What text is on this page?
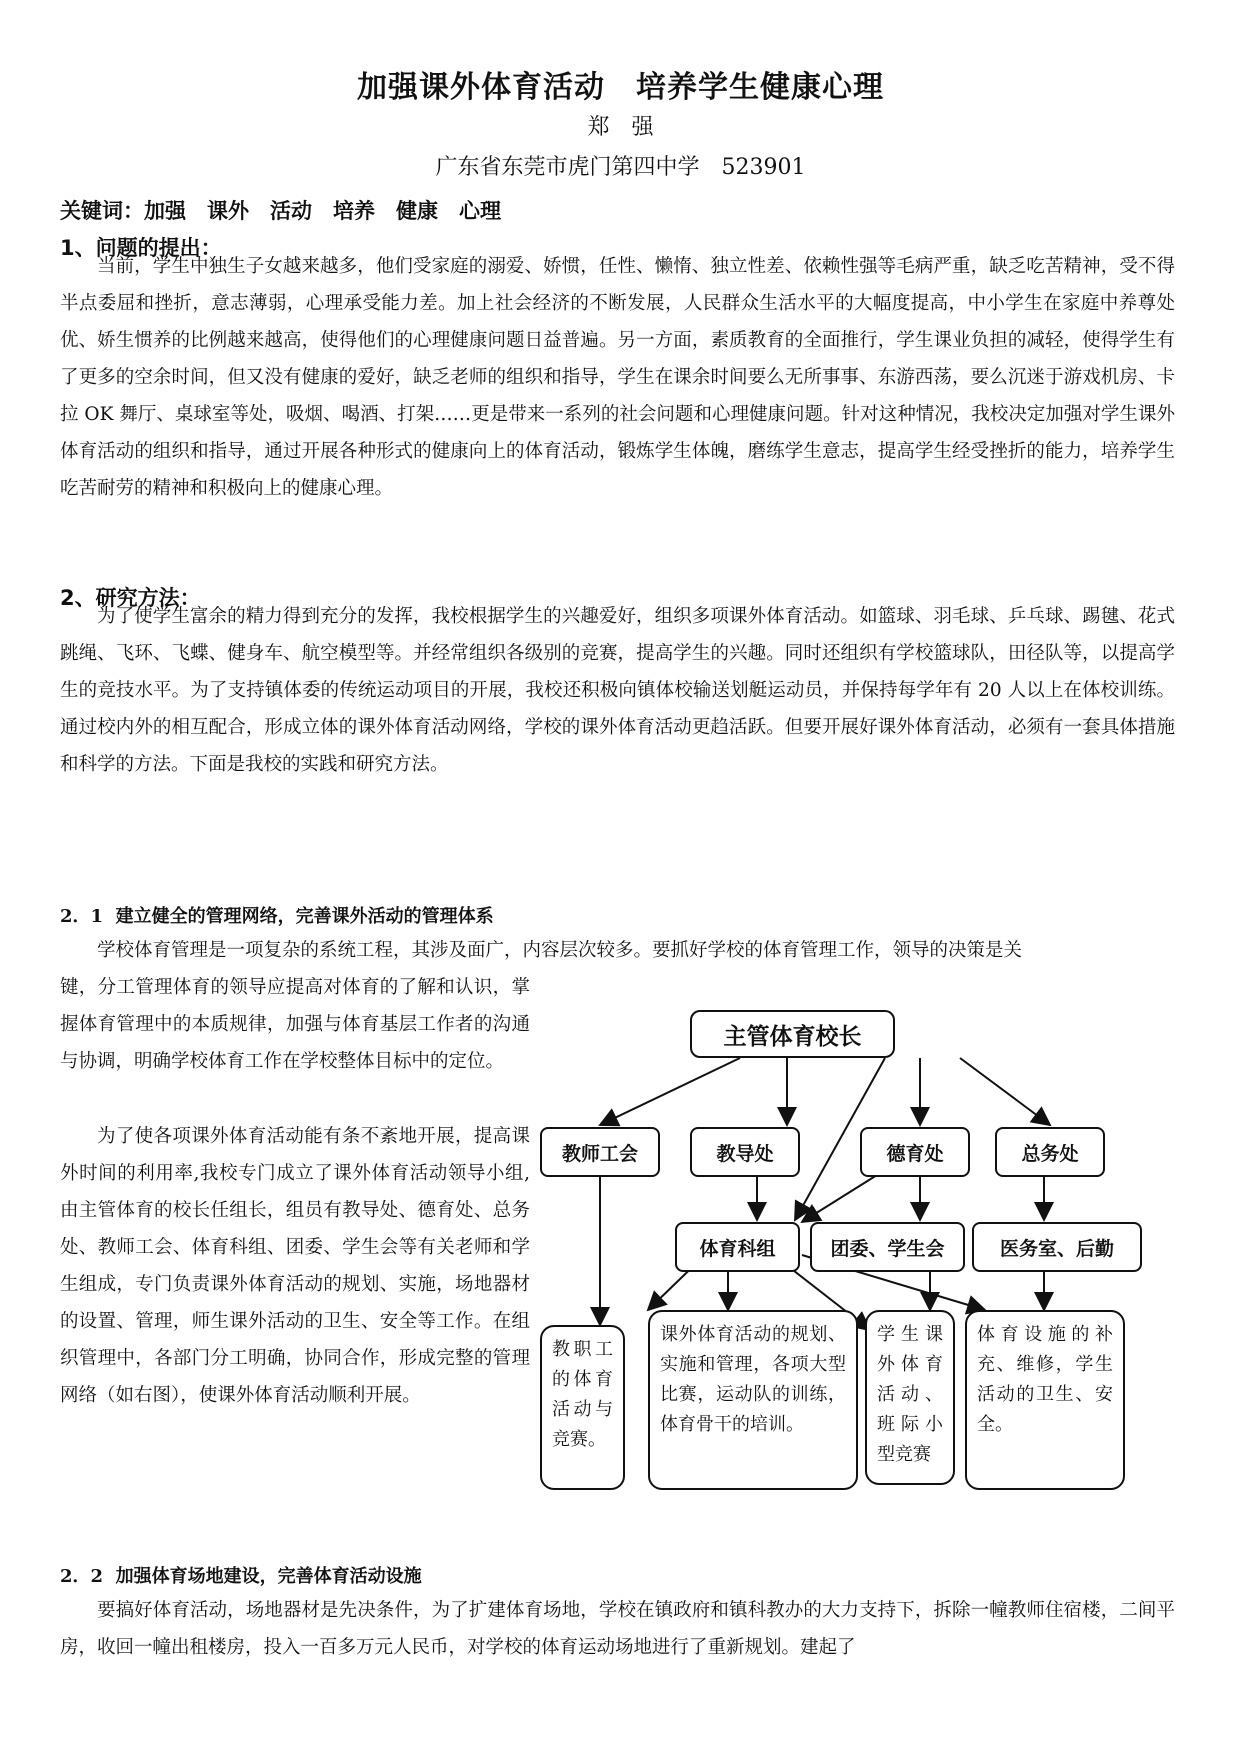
加强课外体育活动　培养学生健康心理
郑　强
广东省东莞市虎门第四中学　523901
关键词：加强　课外　活动　培养　健康　心理
1、问题的提出：

当前，学生中独生子女越来越多，他们受家庭的溺爱、娇惯，任性、懒惰、独立性差、依赖性强等毛病严重，缺乏吃苦精神，受不得半点委屈和挫折，意志薄弱，心理承受能力差。加上社会经济的不断发展，人民群众生活水平的大幅度提高，中小学生在家庭中养尊处优、娇生惯养的比例越来越高，使得他们的心理健康问题日益普遍。另一方面，素质教育的全面推行，学生课业负担的减轻，使得学生有了更多的空余时间，但又没有健康的爱好，缺乏老师的组织和指导，学生在课余时间要么无所事事、东游西荡，要么沉迷于游戏机房、卡拉 OK 舞厅、桌球室等处，吸烟、喝酒、打架……更是带来一系列的社会问题和心理健康问题。针对这种情况，我校决定加强对学生课外体育活动的组织和指导，通过开展各种形式的健康向上的体育活动，锻炼学生体魄，磨练学生意志，提高学生经受挫折的能力，培养学生吃苦耐劳的精神和积极向上的健康心理。

2、研究方法：

为了使学生富余的精力得到充分的发挥，我校根据学生的兴趣爱好，组织多项课外体育活动。如篮球、羽毛球、乒乓球、踢毽、花式跳绳、飞环、飞蝶、健身车、航空模型等。并经常组织各级别的竞赛，提高学生的兴趣。同时还组织有学校篮球队，田径队等，以提高学生的竞技水平。为了支持镇体委的传统运动项目的开展，我校还积极向镇体校输送划艇运动员，并保持每学年有 20 人以上在体校训练。通过校内外的相互配合，形成立体的课外体育活动网络，学校的课外体育活动更趋活跃。但要开展好课外体育活动，必须有一套具体措施和科学的方法。下面是我校的实践和研究方法。

2．1  建立健全的管理网络，完善课外活动的管理体系

学校体育管理是一项复杂的系统工程，其涉及面广，内容层次较多。要抓好学校的体育管理工作，领导的决策是关

键，分工管理体育的领导应提高对体育的了解和认识，掌握体育管理中的本质规律，加强与体育基层工作者的沟通与协调，明确学校体育工作在学校整体目标中的定位。

为了使各项课外体育活动能有条不紊地开展，提高课外时间的利用率,我校专门成立了课外体育活动领导小组,由主管体育的校长任组长，组员有教导处、德育处、总务处、教师工会、体育科组、团委、学生会等有关老师和学生组成，专门负责课外体育活动的规划、实施，场地器材的设置、管理，师生课外活动的卫生、安全等工作。在组织管理中，各部门分工明确，协同合作，形成完整的管理网络（如右图），使课外体育活动顺利开展。

2．2  加强体育场地建设，完善体育活动设施

要搞好体育活动，场地器材是先决条件，为了扩建体育场地，学校在镇政府和镇科教办的大力支持下，拆除一幢教师住宿楼，二间平房，收回一幢出租楼房，投入一百多万元人民币，对学校的体育运动场地进行了重新规划。建起了

主管体育校长
教师工会	教导处	德育处	总务处
体育科组	团委、学生会	医务室、后勤
教职工的体育活动与竞赛。
课外体育活动的规划、实施和管理，各项大型比赛，运动队的训练，体育骨干的培训。
学生课外体育活动、班际小型竞赛
体育设施的补充、维修，学生活动的卫生、安全。
